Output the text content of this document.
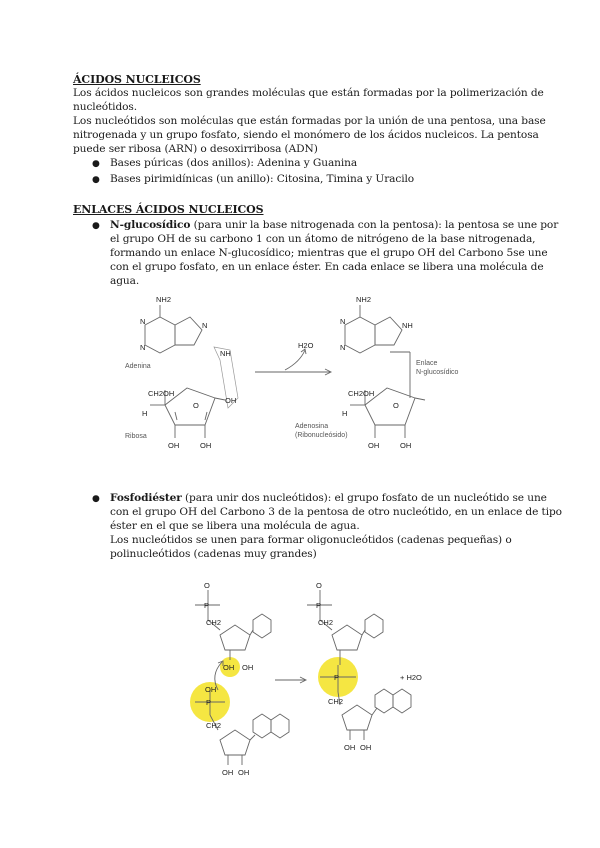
ÁCIDOS NUCLEICOS
Los ácidos nucleicos son grandes moléculas que están formadas por la polimerización de
nucleótidos.
Los nucleótidos son moléculas que están formadas por la unión de una pentosa, una base
nitrogenada y un grupo fosfato, siendo el monómero de los ácidos nucleicos. La pentosa
puede ser ribosa (ARN) o desoxirribosa (ADN)
● Bases púricas (dos anillos): Adenina y Guanina
● Bases pirimidínicas (un anillo): Citosina, Timina y Uracilo
ENLACES ÁCIDOS NUCLEICOS
● N-glucosídico (para unir la base nitrogenada con la pentosa): la pentosa se une por
el grupo OH de su carbono 1 con un átomo de nitrógeno de la base nitrogenada,
formando un enlace N-glucosídico; mientras que el grupo OH del Carbono 5se une
con el grupo fosfato, en un enlace éster. En cada enlace se libera una molécula de
agua.
NH2
N
N
N
NH
Adenina
CH2OH
H
O
OH
Ribosa
OH	OH
H2O
NH2
N
N
NH
Enlace
N-glucosídico
CH2OH
H
O
Adenosina
(Ribonucleósido)
OH	OH
● Fosfodiéster (para unir dos nucleótidos): el grupo fosfato de un nucleótido se une
con el grupo OH del Carbono 3 de la pentosa de otro nucleótido, en un enlace de tipo
éster en el que se libera una molécula de agua.
Los nucleótidos se unen para formar oligonucleótidos (cadenas pequeñas) o
polinucleótidos (cadenas muy grandes)
O
P
CH2
OH OH
OH
P
CH2
OH OH
O
P
CH2
P
CH2
OH OH
+ H2O
